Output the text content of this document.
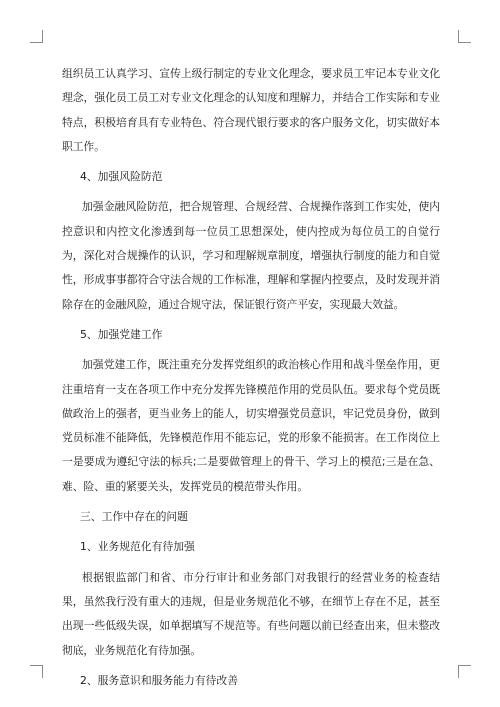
组织员工认真学习、宣传上级行制定的专业文化理念，要求员工牢记本专业文化理念，强化员工员工对专业文化理念的认知度和理解力，并结合工作实际和专业特点，积极培育具有专业特色、符合现代银行要求的客户服务文化，切实做好本职工作。

4、加强风险防范

加强金融风险防范，把合规管理、合规经营、合规操作落到工作实处，使内控意识和内控文化渗透到每一位员工思想深处，使内控成为每位员工的自觉行为，深化对合规操作的认识，学习和理解规章制度，增强执行制度的能力和自觉性，形成事事都符合守法合规的工作标准，理解和掌握内控要点，及时发现并消除存在的金融风险，通过合规守法，保证银行资产平安，实现最大效益。

5、加强党建工作

加强党建工作，既注重充分发挥党组织的政治核心作用和战斗堡垒作用，更注重培育一支在各项工作中充分发挥先锋模范作用的党员队伍。要求每个党员既做政治上的强者，更当业务上的能人，切实增强党员意识，牢记党员身份，做到党员标准不能降低，先锋模范作用不能忘记，党的形象不能损害。在工作岗位上一是要成为遵纪守法的标兵;二是要做管理上的骨干、学习上的模范;三是在急、难、险、重的紧要关头，发挥党员的模范带头作用。

三、工作中存在的问题

1、业务规范化有待加强

根据银监部门和省、市分行审计和业务部门对我银行的经营业务的检查结果，虽然我行没有重大的违规，但是业务规范化不够，在细节上存在不足，甚至出现一些低级失误，如单据填写不规范等。有些问题以前已经查出来，但未整改彻底，业务规范化有待加强。

2、服务意识和服务能力有待改善
